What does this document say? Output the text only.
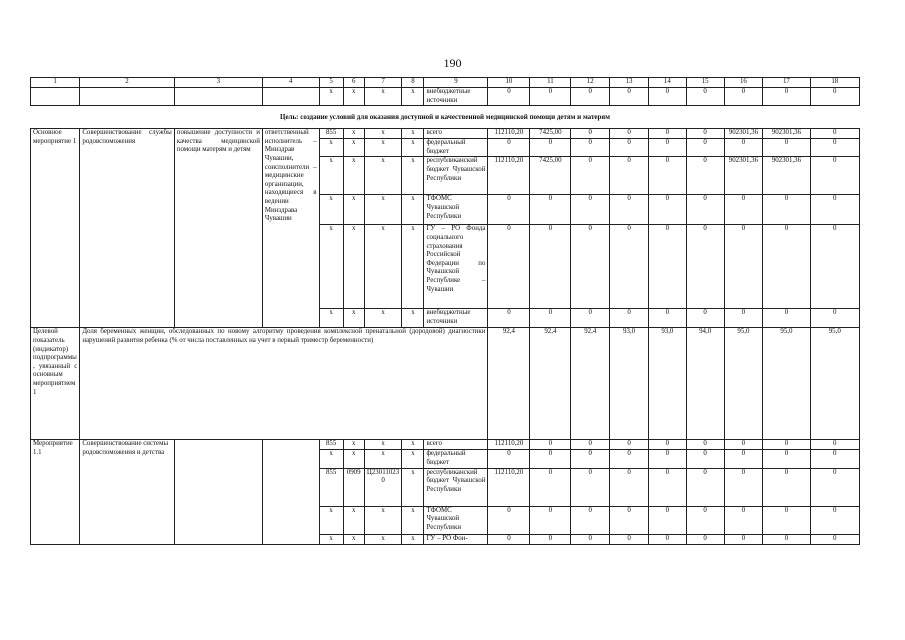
190
1	2	3	4	5	6	7	8	9	10	11	12	13	14	15	16	17	18
				х	х	х	х	внебюджетные источники	0	0	0	0	0	0	0	0	0
Цель: создание условий для оказания доступной и качественной медицинской помощи детям и матерям																	
Основное мероприятие 1	Совершенствование службы родовспоможения	повышение доступности и качества медицинской помощи матерям и детям	ответственный исполнитель – Минздрав Чувашии, соисполнители – медицинские организации, находящиеся в ведении Минздрава Чувашии	855	х	х	х	всего	112110,20	7425,00	0	0	0	0	902301,36	902301,36	0
				х	х	х	х	федеральный бюджет	0	0	0	0	0	0	0	0	0
				х	х	х	х	республиканский бюджет Чувашской Республики	112110,20	7425,00	0	0	0	0	902301,36	902301,36	0
				х	х	х	х	ТФОМС Чувашской Республики	0	0	0	0	0	0	0	0	0
				х	х	х	х	ГУ – РО Фонда социального страхования Российской Федерации по Чувашской Республике – Чувашии	0	0	0	0	0	0	0	0	0
				х	х	х	х	внебюджетные источники	0	0	0	0	0	0	0	0	0
Целевой показатель (индикатор) подпрограммы, увязанный с основным мероприятием 1	Доля беременных женщин, обследованных по новому алгоритму проведения комплексной пренатальной (дородовой) диагностики нарушений развития ребенка (% от числа поставленных на учет в первый триместр беременности)								92,4	92,4	92,4	93,0	93,0	94,0	95,0	95,0	95,0
Мероприятие 1.1	Совершенствование системы родовспоможения и детства			855	х	х	х	всего	112110,20	0	0	0	0	0	0	0	0
				х	х	х	х	федеральный бюджет	0	0	0	0	0	0	0	0	0
				855	0909	Ц230110230	х	республиканский бюджет Чувашской Республики	112110,20	0	0	0	0	0	0	0	0
				х	х	х	х	ТФОМС Чувашской Республики	0	0	0	0	0	0	0	0	0
				х	х	х	х	ГУ – РО Фон-	0	0	0	0	0	0	0	0	0
